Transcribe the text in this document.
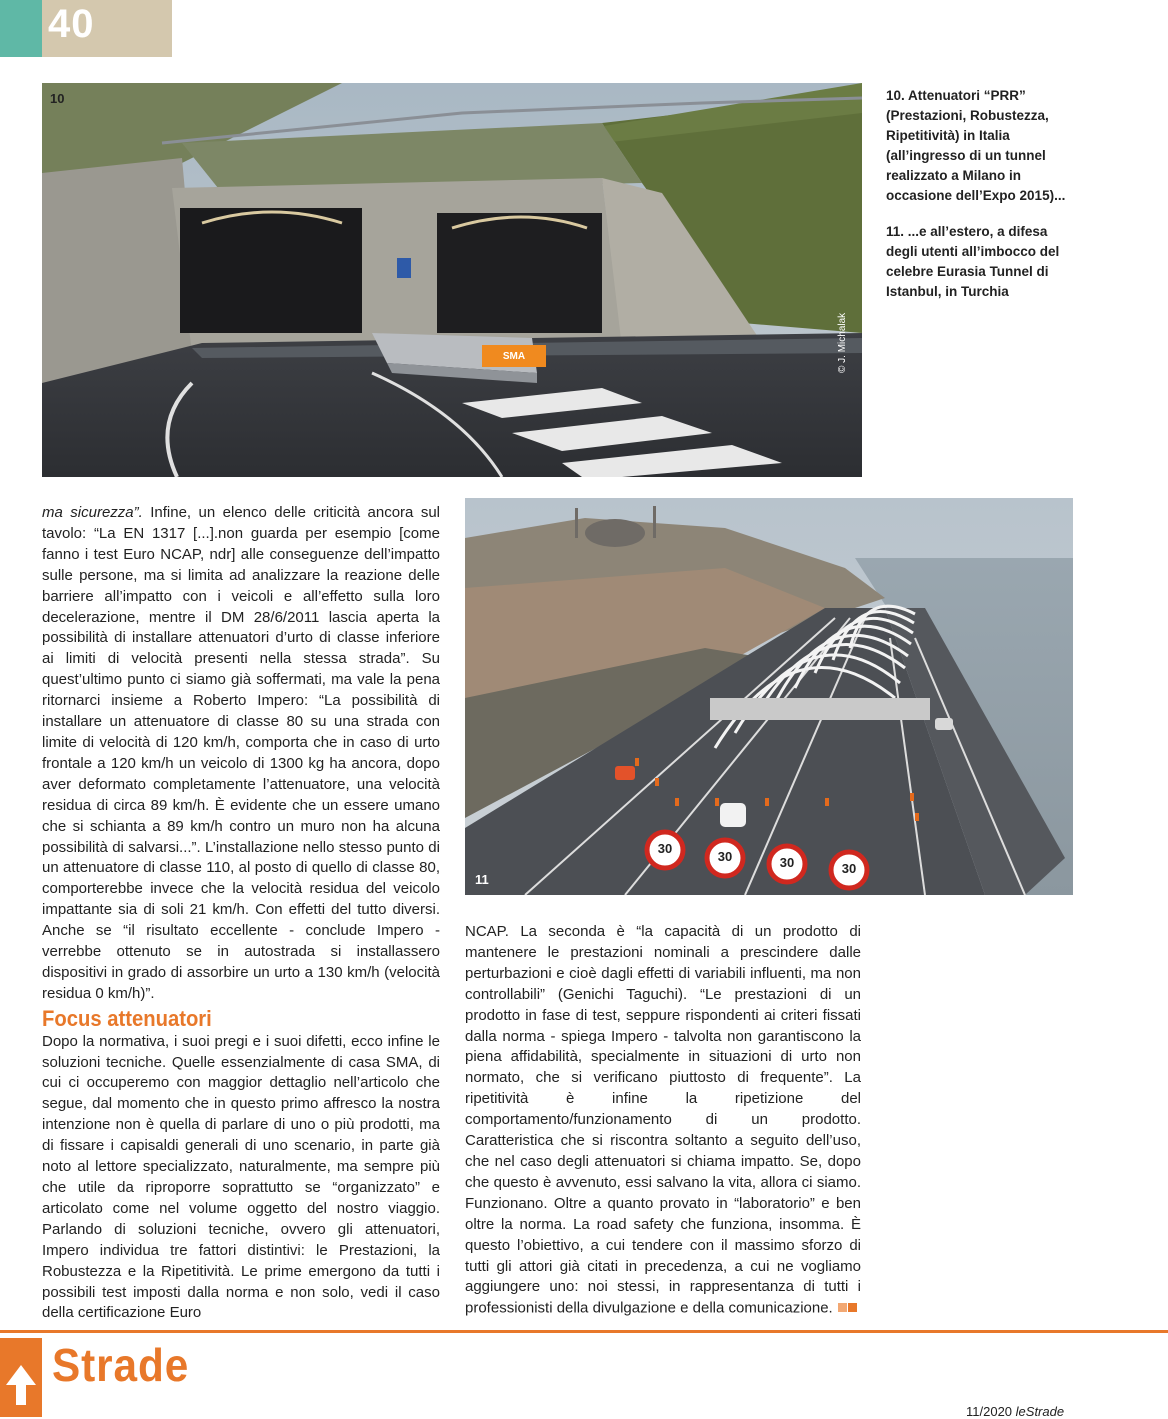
40
SMA	© J. Michalak
10	10. Attenuatori “PRR” (Prestazioni, Robustezza, Ripetitività) in Italia (all’ingresso di un tunnel realizzato a Milano in occasione dell’Expo 2015)...

11. ...e all’estero, a difesa degli utenti all’imbocco del celebre Eurasia Tunnel di Istanbul, in Turchia

30
30	30	30
11

ma sicurezza”. Infine, un elenco delle criticità ancora sul tavolo: “La EN 1317 [...].non guarda per esempio [come fanno i test Euro NCAP, ndr] alle conseguenze dell’impatto sulle persone, ma si limita ad analizzare la reazione delle barriere all’impatto con i veicoli e all’effetto sulla loro decelerazione, mentre il DM 28/6/2011 lascia aperta la possibilità di installare attenuatori d’urto di classe inferiore ai limiti di velocità presenti nella stessa strada”. Su quest’ultimo punto ci siamo già soffermati, ma vale la pena ritornarci insieme a Roberto Impero: “La possibilità di installare un attenuatore di classe 80 su una strada con limite di velocità di 120 km/h, comporta che in caso di urto frontale a 120 km/h un veicolo di 1300 kg ha ancora, dopo aver deformato completamente l’attenuatore, una velocità residua di circa 89 km/h. È evidente che un essere umano che si schianta a 89 km/h contro un muro non ha alcuna possibilità di salvarsi...”. L’installazione nello stesso punto di un attenuatore di classe 110, al posto di quello di classe 80, comporterebbe invece che la velocità residua del veicolo impattante sia di soli 21 km/h. Con effetti del tutto diversi. Anche se “il risultato eccellente - conclude Impero - verrebbe ottenuto se in autostrada si installassero dispositivi in grado di assorbire un urto a 130 km/h (velocità residua 0 km/h)”.

Focus attenuatori

Dopo la normativa, i suoi pregi e i suoi difetti, ecco infine le soluzioni tecniche. Quelle essenzialmente di casa SMA, di cui ci occuperemo con maggior dettaglio nell’articolo che segue, dal momento che in questo primo affresco la nostra intenzione non è quella di parlare di uno o più prodotti, ma di fissare i capisaldi generali di uno scenario, in parte già noto al lettore specializzato, naturalmente, ma sempre più che utile da riproporre soprattutto se “organizzato” e articolato come nel volume oggetto del nostro viaggio. Parlando di soluzioni tecniche, ovvero gli attenuatori, Impero individua tre fattori distintivi: le Prestazioni, la Robustezza e la Ripetitività. Le prime emergono da tutti i possibili test imposti dalla norma e non solo, vedi il caso della certificazione Euro

NCAP. La seconda è “la capacità di un prodotto di mantenere le prestazioni nominali a prescindere dalle perturbazioni e cioè dagli effetti di variabili influenti, ma non controllabili” (Genichi Taguchi). “Le prestazioni di un prodotto in fase di test, seppure rispondenti ai criteri fissati dalla norma - spiega Impero - talvolta non garantiscono la piena affidabilità, specialmente in situazioni di urto non normato, che si verificano piuttosto di frequente”. La ripetitività è infine la ripetizione del comportamento/funzionamento di un prodotto. Caratteristica che si riscontra soltanto a seguito dell’uso, che nel caso degli attenuatori si chiama impatto. Se, dopo che questo è avvenuto, essi salvano la vita, allora ci siamo. Funzionano. Oltre a quanto provato in “laboratorio” e ben oltre la norma. La road safety che funziona, insomma. È questo l’obiettivo, a cui tendere con il massimo sforzo di tutti gli attori già citati in precedenza, a cui ne vogliamo aggiungere uno: noi stessi, in rappresentanza di tutti i professionisti della divulgazione e della comunicazione.

Strade
11/2020 leStrade
